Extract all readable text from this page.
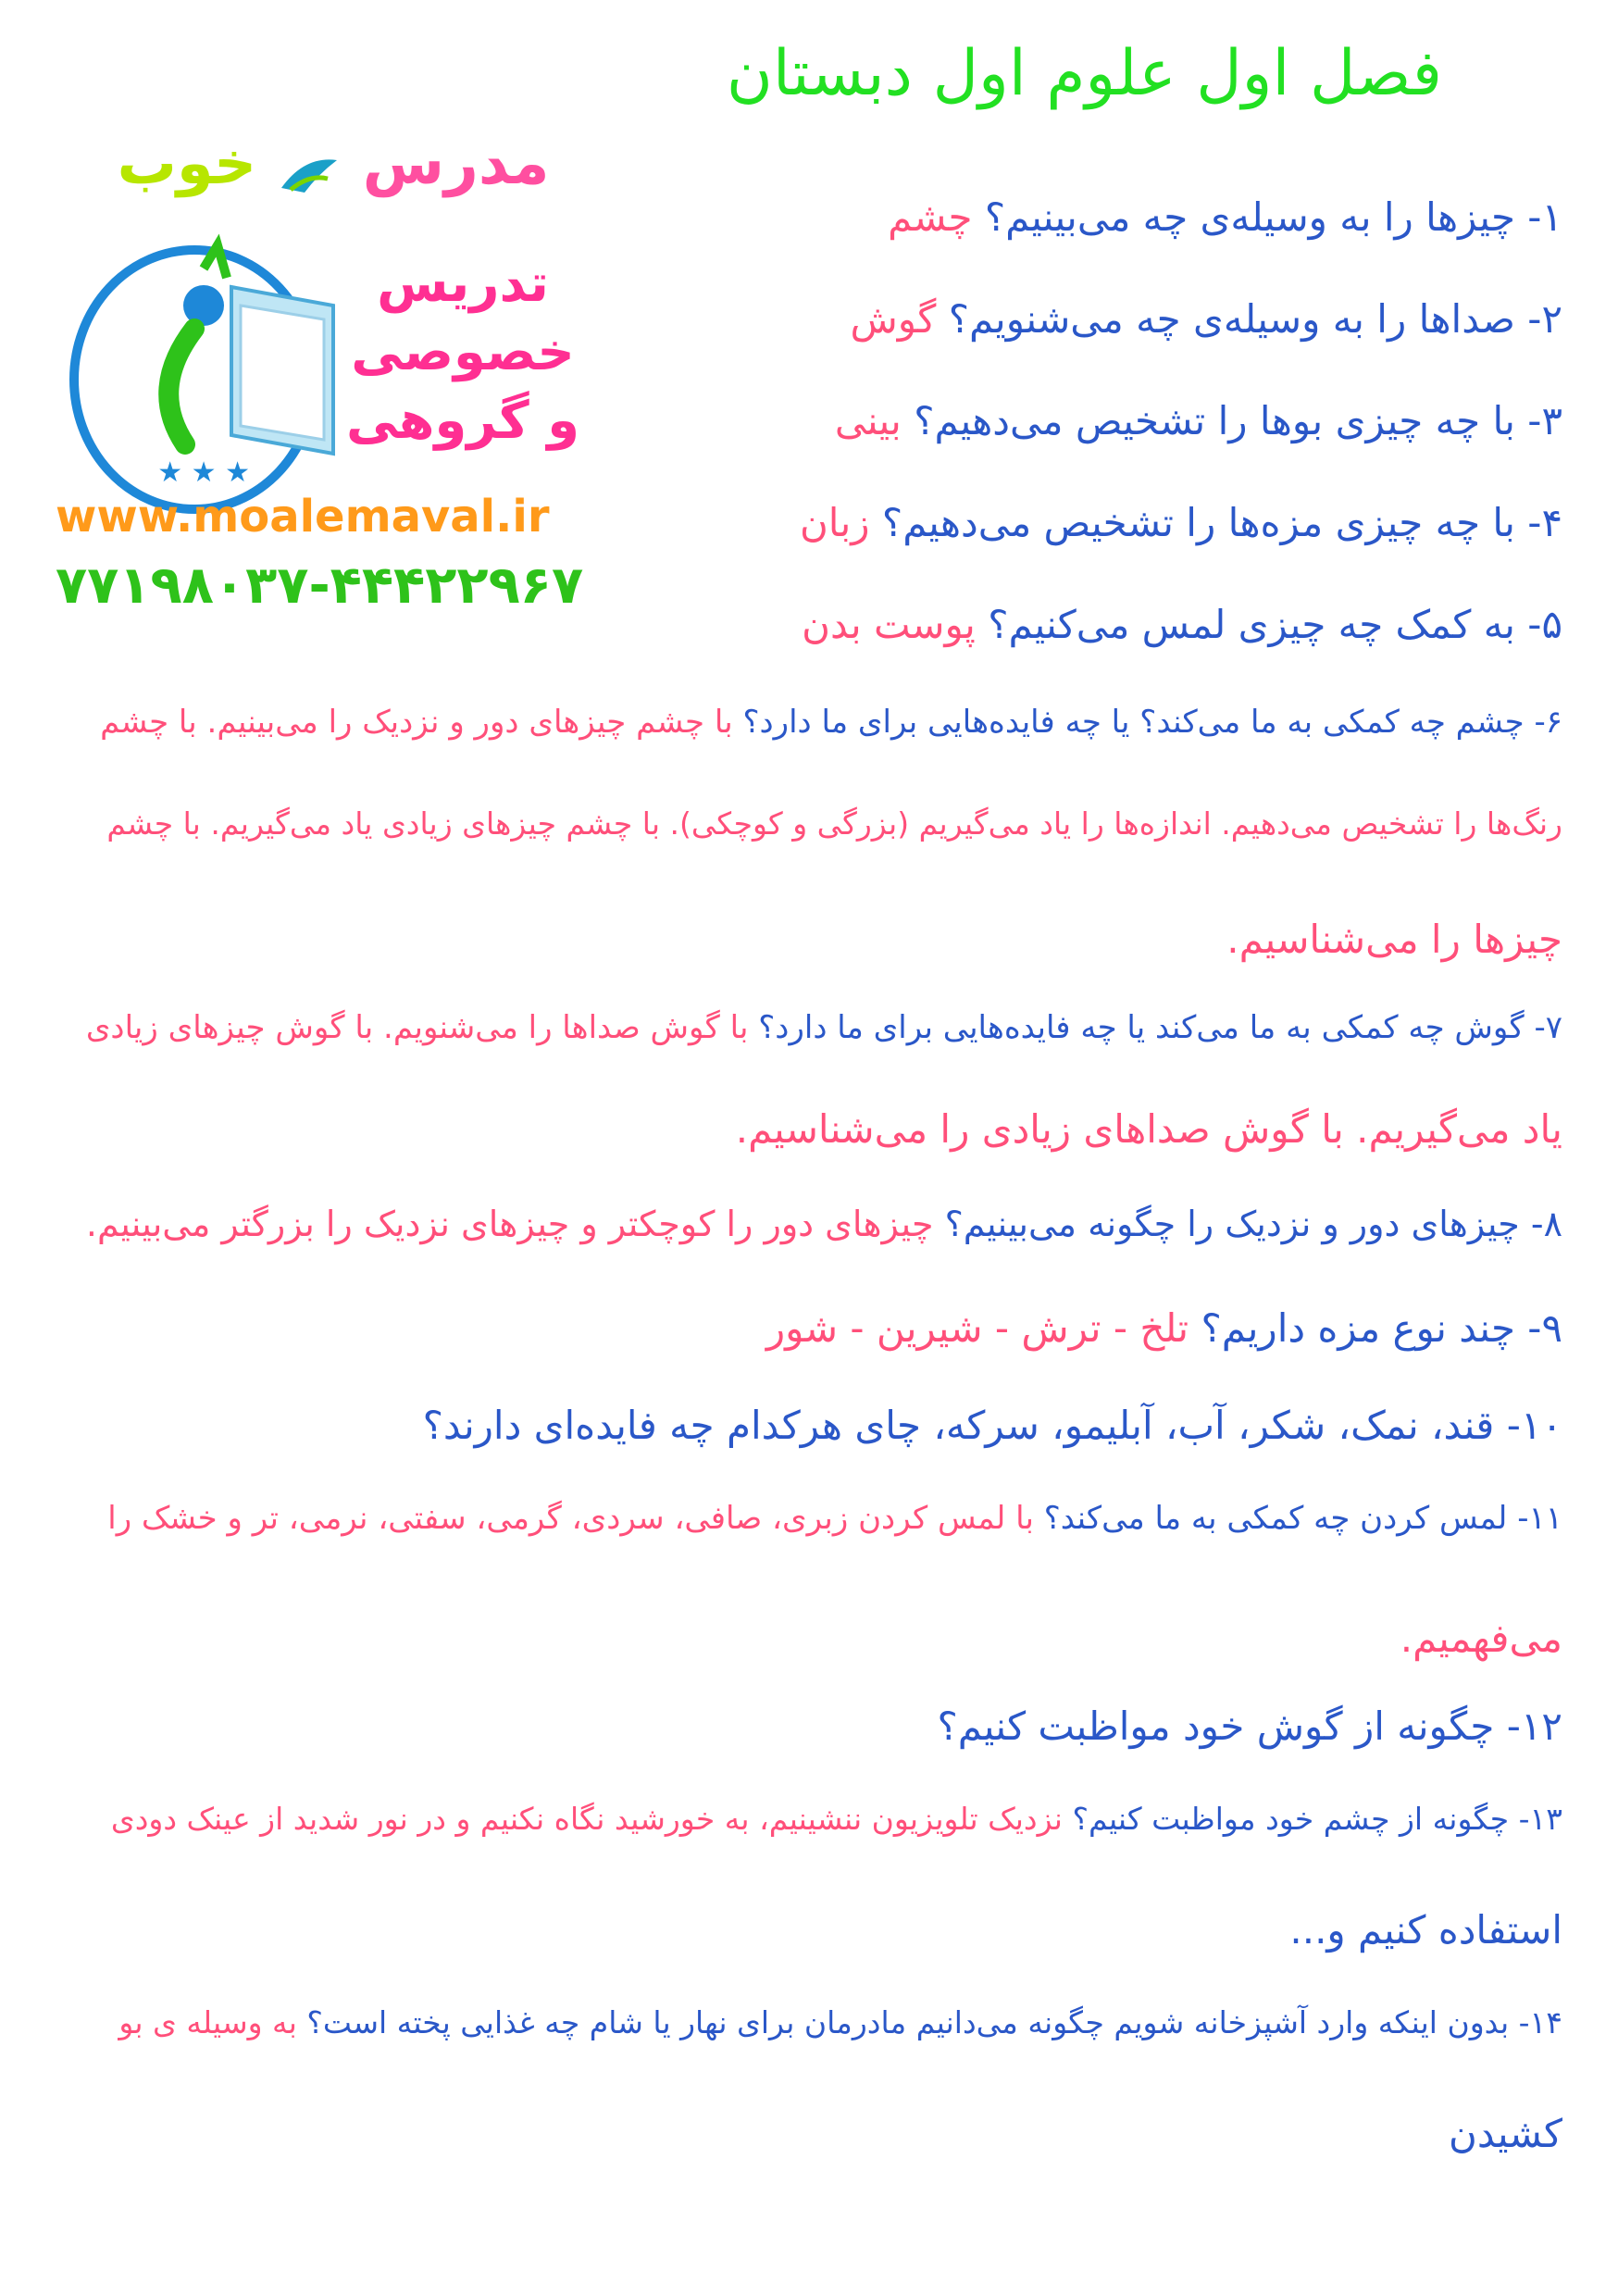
فصل اول علوم اول دبستان
مدرس  خوب
★ ★ ★
تدریس
خصوصی
و گروهی
www.moalemaval.ir
۷۷۱۹۸۰۳۷-۴۴۴۲۲۹۶۷
۱- چیزها را به وسیله‌ی چه می‌بینیم؟ چشم
۲- صداها را به وسیله‌ی چه می‌شنویم؟ گوش
۳- با چه چیزی بوها را تشخیص می‌دهیم؟ بینی
۴- با چه چیزی مزه‌ها را تشخیص می‌دهیم؟ زبان
۵- به کمک چه چیزی لمس می‌کنیم؟ پوست بدن
۶- چشم چه کمکی به ما می‌کند؟ یا چه فایده‌هایی برای ما دارد؟ با چشم چیزهای دور و نزدیک را می‌بینیم. با چشم
رنگ‌ها را تشخیص می‌دهیم. اندازه‌ها را یاد می‌گیریم (بزرگی و کوچکی). با چشم چیزهای زیادی یاد می‌گیریم. با چشم
چیزها را می‌شناسیم.
۷- گوش چه کمکی به ما می‌کند یا چه فایده‌هایی برای ما دارد؟ با گوش صداها را می‌شنویم. با گوش چیزهای زیادی
یاد می‌گیریم. با گوش صداهای زیادی را می‌شناسیم.
۸- چیزهای دور و نزدیک را چگونه می‌بینیم؟ چیزهای دور را کوچکتر و چیزهای نزدیک را بزرگتر می‌بینیم.
۹- چند نوع مزه داریم؟ تلخ - ترش - شیرین - شور
۱۰- قند، نمک، شکر، آب، آبلیمو، سرکه، چای هرکدام چه فایده‌ای دارند؟
۱۱- لمس کردن چه کمکی به ما می‌کند؟ با لمس کردن زبری، صافی، سردی، گرمی، سفتی، نرمی، تر و خشک را
می‌فهمیم.
۱۲- چگونه از گوش خود مواظبت کنیم؟
۱۳- چگونه از چشم خود مواظبت کنیم؟ نزدیک تلویزیون ننشینیم، به خورشید نگاه نکنیم و در نور شدید از عینک دودی
استفاده کنیم و...
۱۴- بدون اینکه وارد آشپزخانه شویم چگونه می‌دانیم مادرمان برای نهار یا شام چه غذایی پخته است؟ به وسیله ی بو
کشیدن
